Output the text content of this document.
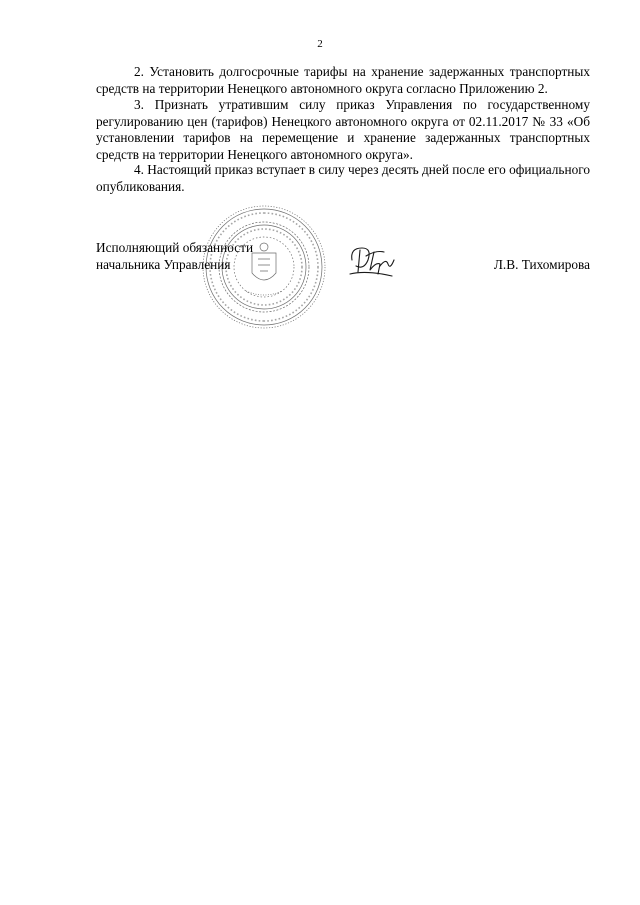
2

2. Установить долгосрочные тарифы на хранение задержанных транспортных средств на территории Ненецкого автономного округа согласно Приложению 2.

3. Признать утратившим силу приказ Управления по государственному регулированию цен (тарифов) Ненецкого автономного округа от 02.11.2017 № 33 «Об установлении тарифов на перемещение и хранение задержанных транспортных средств на территории Ненецкого автономного округа».

4. Настоящий приказ вступает в силу через десять дней после его официального опубликования.

Исполняющий обязанности
начальника Управления	Л.В. Тихомирова
